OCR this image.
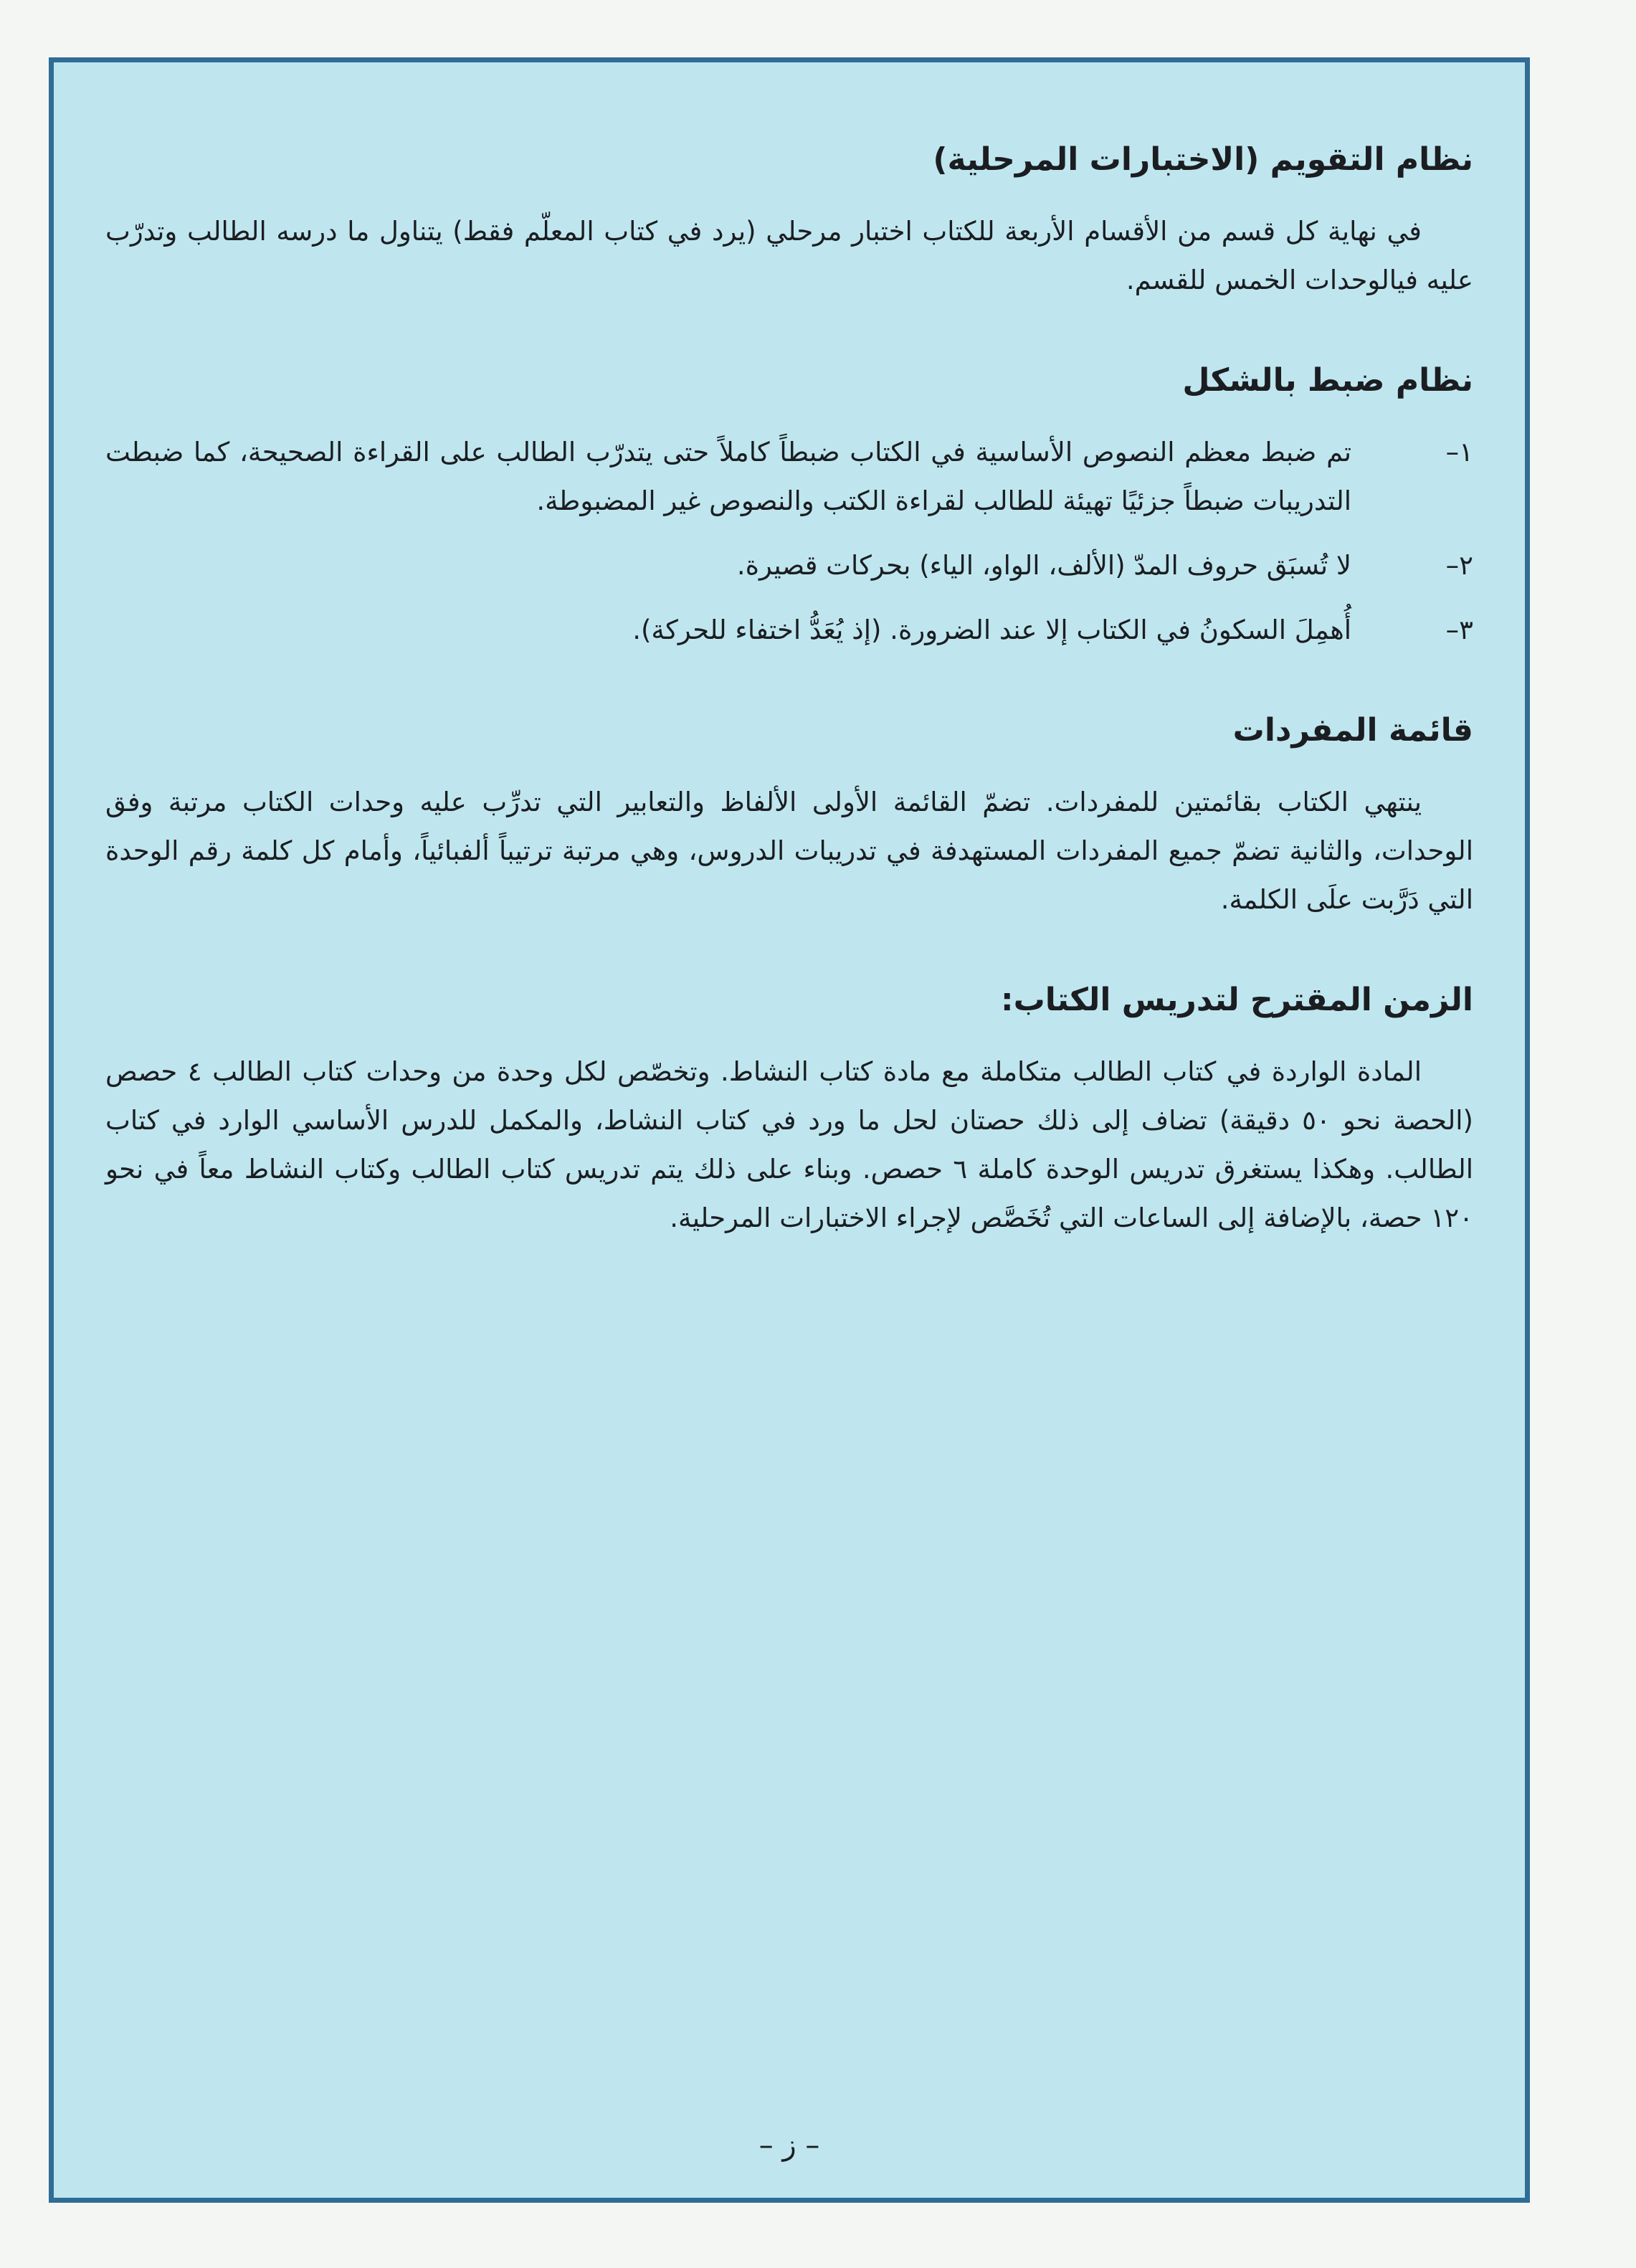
نظام التقويم (الاختبارات المرحلية)

في نهاية كل قسم من الأقسام الأربعة للكتاب اختبار مرحلي (يرد في كتاب المعلّم فقط) يتناول ما درسه الطالب وتدرّب عليه فيالوحدات الخمس للقسم.

نظام ضبط بالشكل
١–
تم ضبط معظم النصوص الأساسية في الكتاب ضبطاً كاملاً حتى يتدرّب الطالب على القراءة الصحيحة، كما ضبطت التدريبات ضبطاً جزئيًا تهيئة للطالب لقراءة الكتب والنصوص غير المضبوطة.
٢–
لا تُسبَق حروف المدّ (الألف، الواو، الياء) بحركات قصيرة.
٣–
أُهمِلَ السكونُ في الكتاب إلا عند الضرورة. (إذ يُعَدُّ اختفاء للحركة).
قائمة المفردات

ينتهي الكتاب بقائمتين للمفردات. تضمّ القائمة الأولى الألفاظ والتعابير التي تدرِّب عليه وحدات الكتاب مرتبة وفق الوحدات، والثانية تضمّ جميع المفردات المستهدفة في تدريبات الدروس، وهي مرتبة ترتيباً ألفبائياً، وأمام كل كلمة رقم الوحدة التي دَرَّبت علَى الكلمة.

الزمن المقترح لتدريس الكتاب:

المادة الواردة في كتاب الطالب متكاملة مع مادة كتاب النشاط. وتخصّص لكل وحدة من وحدات كتاب الطالب ٤ حصص (الحصة نحو ٥٠ دقيقة) تضاف إلى ذلك حصتان لحل ما ورد في كتاب النشاط، والمكمل للدرس الأساسي الوارد في كتاب الطالب. وهكذا يستغرق تدريس الوحدة كاملة ٦ حصص. وبناء على ذلك يتم تدريس كتاب الطالب وكتاب النشاط معاً في نحو ١٢٠ حصة، بالإضافة إلى الساعات التي تُخَصَّص لإجراء الاختبارات المرحلية.

– ز –
